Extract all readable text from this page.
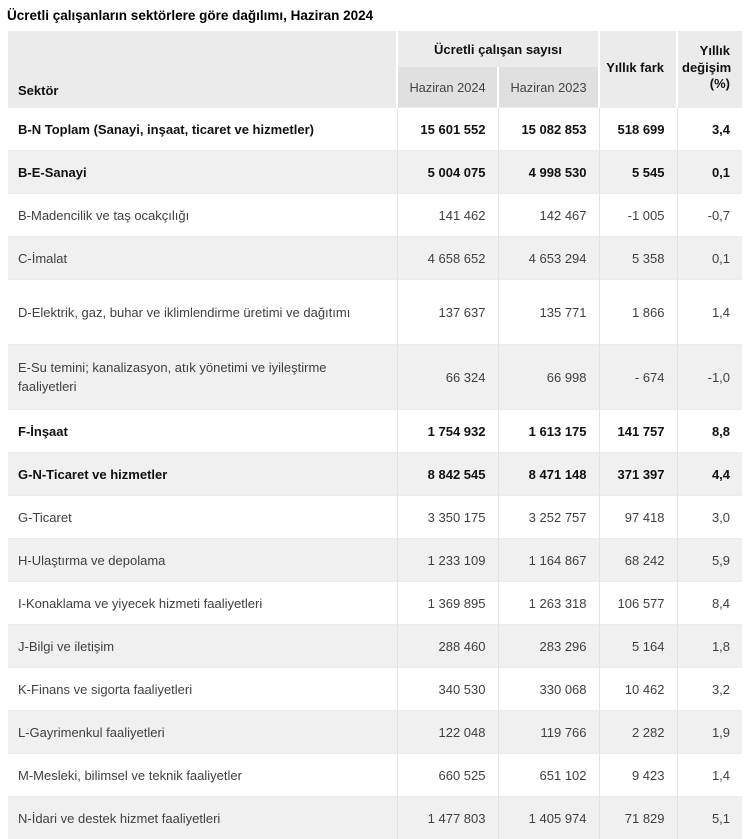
Ücretli çalışanların sektörlere göre dağılımı, Haziran 2024
Sektör	Ücretli çalışan sayısı		Yıllık fark	Yıllık değişim (%)
	Haziran 2024	Haziran 2023		
B-N Toplam (Sanayi, inşaat, ticaret ve hizmetler)	15 601 552	15 082 853	518 699	3,4
B-E-Sanayi	5 004 075	4 998 530	5 545	0,1
B-Madencilik ve taş ocakçılığı	141 462	142 467	-1 005	-0,7
C-İmalat	4 658 652	4 653 294	5 358	0,1
D-Elektrik, gaz, buhar ve iklimlendirme üretimi ve dağıtımı	137 637	135 771	1 866	1,4
E-Su temini; kanalizasyon, atık yönetimi ve iyileştirme faaliyetleri	66 324	66 998	- 674	-1,0
F-İnşaat	1 754 932	1 613 175	141 757	8,8
G-N-Ticaret ve hizmetler	8 842 545	8 471 148	371 397	4,4
G-Ticaret	3 350 175	3 252 757	97 418	3,0
H-Ulaştırma ve depolama	1 233 109	1 164 867	68 242	5,9
I-Konaklama ve yiyecek hizmeti faaliyetleri	1 369 895	1 263 318	106 577	8,4
J-Bilgi ve iletişim	288 460	283 296	5 164	1,8
K-Finans ve sigorta faaliyetleri	340 530	330 068	10 462	3,2
L-Gayrimenkul faaliyetleri	122 048	119 766	2 282	1,9
M-Mesleki, bilimsel ve teknik faaliyetler	660 525	651 102	9 423	1,4
N-İdari ve destek hizmet faaliyetleri	1 477 803	1 405 974	71 829	5,1
